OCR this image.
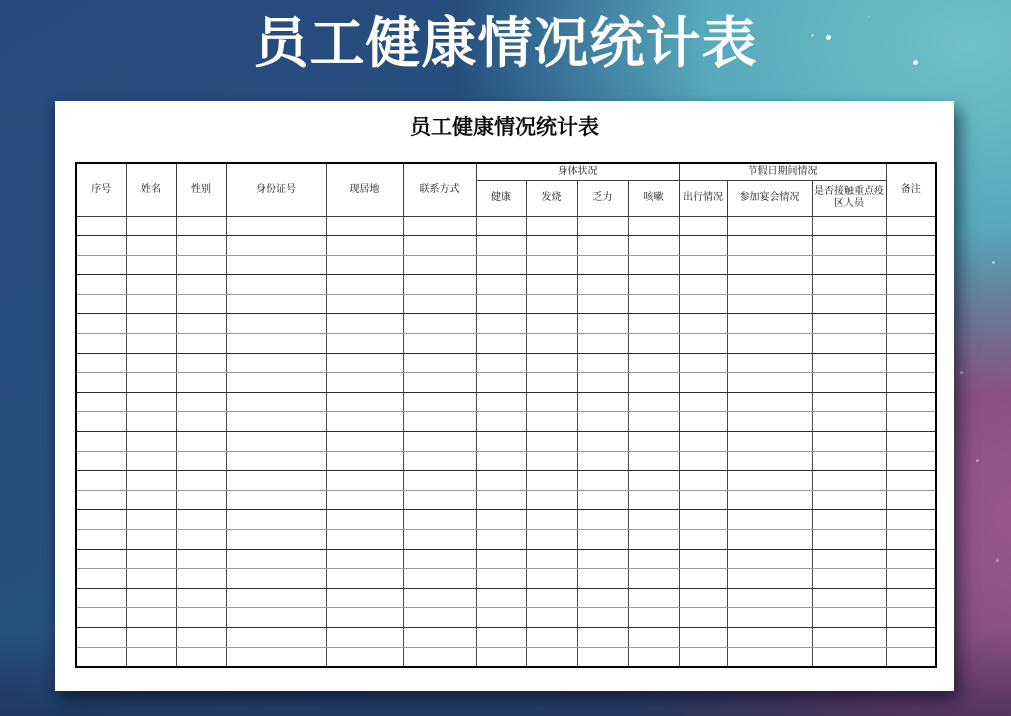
员工健康情况统计表
员工健康情况统计表
序号	姓名	性别	身份证号	现居地	联系方式	身体状况				节假日期间情况			备注
						健康	发烧	乏力	咳嗽	出行情况	参加宴会情况	是否接触重点疫区人员	
